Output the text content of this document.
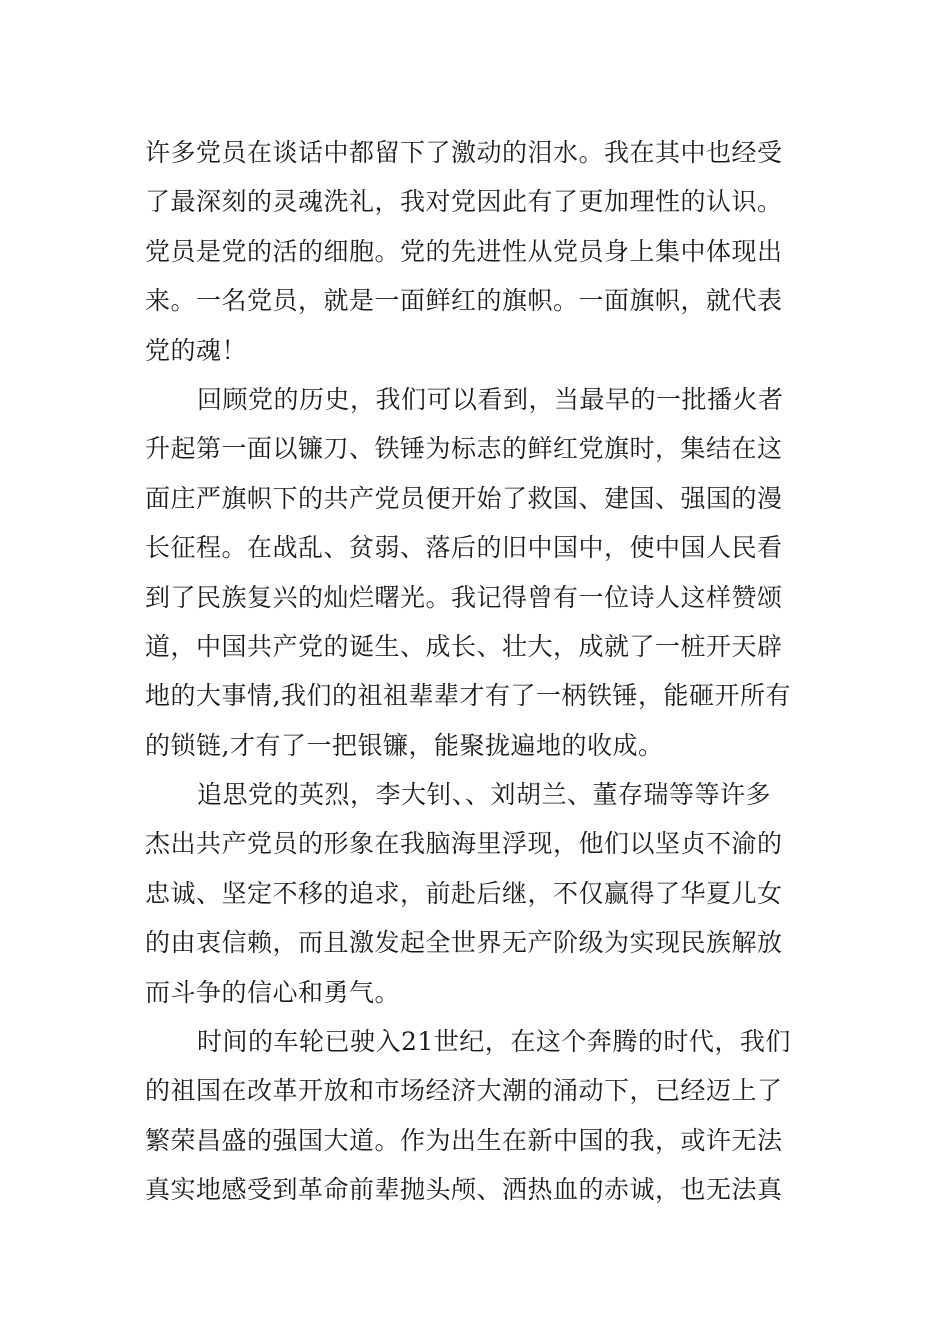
许多党员在谈话中都留下了激动的泪水。我在其中也经受
了最深刻的灵魂洗礼，我对党因此有了更加理性的认识。
党员是党的活的细胞。党的先进性从党员身上集中体现出
来。一名党员，就是一面鲜红的旗帜。一面旗帜，就代表
党的魂！
回顾党的历史，我们可以看到，当最早的一批播火者
升起第一面以镰刀、铁锤为标志的鲜红党旗时，集结在这
面庄严旗帜下的共产党员便开始了救国、建国、强国的漫
长征程。在战乱、贫弱、落后的旧中国中，使中国人民看
到了民族复兴的灿烂曙光。我记得曾有一位诗人这样赞颂
道，中国共产党的诞生、成长、壮大，成就了一桩开天辟
地的大事情,我们的祖祖辈辈才有了一柄铁锤，能砸开所有
的锁链,才有了一把银镰，能聚拢遍地的收成。
追思党的英烈，李大钊、、刘胡兰、董存瑞等等许多
杰出共产党员的形象在我脑海里浮现，他们以坚贞不渝的
忠诚、坚定不移的追求，前赴后继，不仅赢得了华夏儿女
的由衷信赖，而且激发起全世界无产阶级为实现民族解放
而斗争的信心和勇气。
时间的车轮已驶入21世纪，在这个奔腾的时代，我们
的祖国在改革开放和市场经济大潮的涌动下，已经迈上了
繁荣昌盛的强国大道。作为出生在新中国的我，或许无法
真实地感受到革命前辈抛头颅、洒热血的赤诚，也无法真
